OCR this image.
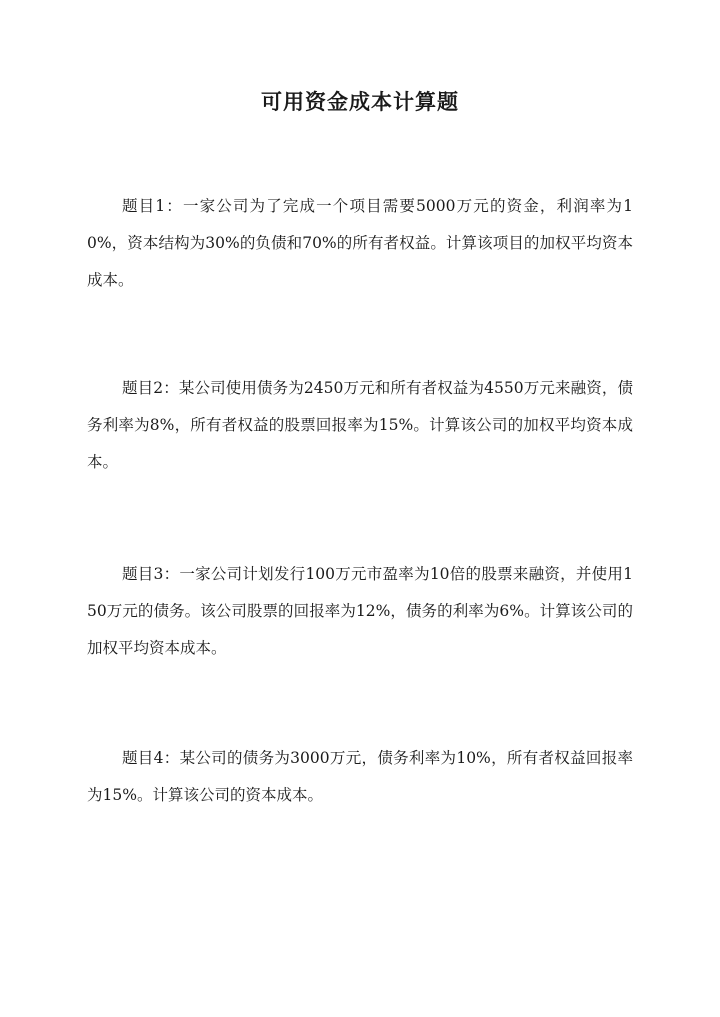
可用资金成本计算题

题目1：一家公司为了完成一个项目需要5000万元的资金，利润率为10%，资本结构为30%的负债和70%的所有者权益。计算该项目的加权平均资本成本。

题目2：某公司使用债务为2450万元和所有者权益为4550万元来融资，债务利率为8%，所有者权益的股票回报率为15%。计算该公司的加权平均资本成本。

题目3：一家公司计划发行100万元市盈率为10倍的股票来融资，并使用150万元的债务。该公司股票的回报率为12%，债务的利率为6%。计算该公司的加权平均资本成本。

题目4：某公司的债务为3000万元，债务利率为10%，所有者权益回报率为15%。计算该公司的资本成本。
